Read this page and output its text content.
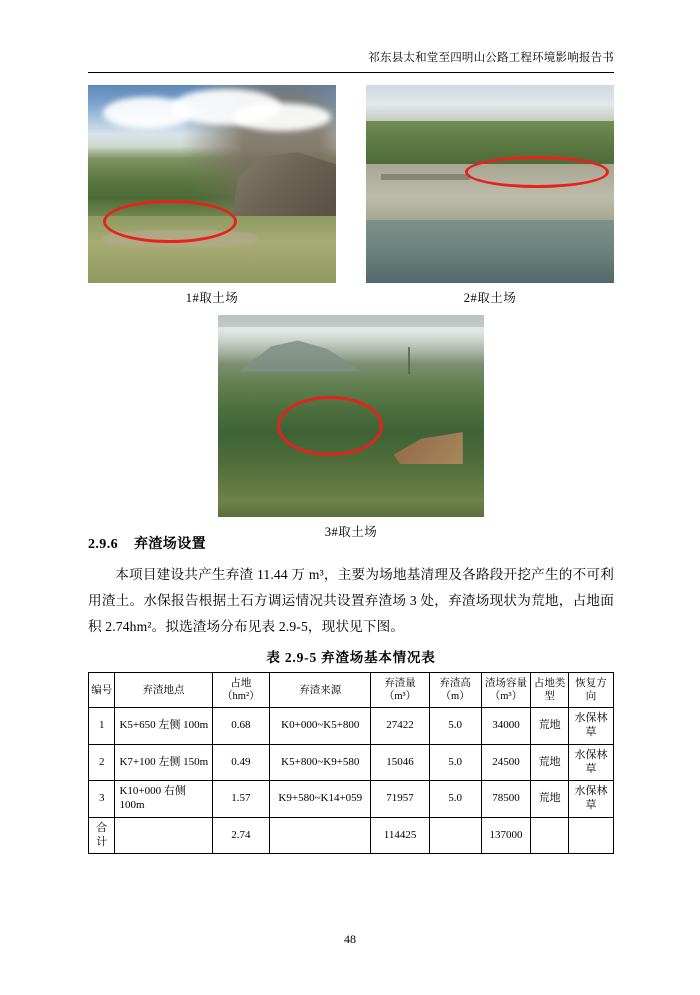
祁东县太和堂至四明山公路工程环境影响报告书
1#取土场	2#取土场
3#取土场
2.9.6 弃渣场设置
本项目建设共产生弃渣 11.44 万 m³，主要为场地基清理及各路段开挖产生的不可利用渣土。水保报告根据土石方调运情况共设置弃渣场 3 处，弃渣场现状为荒地，占地面积 2.74hm²。拟选渣场分布见表 2.9-5，现状见下图。
表 2.9-5 弃渣场基本情况表
编号	弃渣地点	占地（hm²）	弃渣来源	弃渣量（m³）	弃渣高（m）	渣场容量（m³）	占地类型	恢复方向
1	K5+650 左侧 100m	0.68	K0+000~K5+800	27422	5.0	34000	荒地	水保林草
2	K7+100 左侧 150m	0.49	K5+800~K9+580	15046	5.0	24500	荒地	水保林草
3	K10+000 右侧 100m	1.57	K9+580~K14+059	71957	5.0	78500	荒地	水保林草
合计		2.74		114425		137000		
48
